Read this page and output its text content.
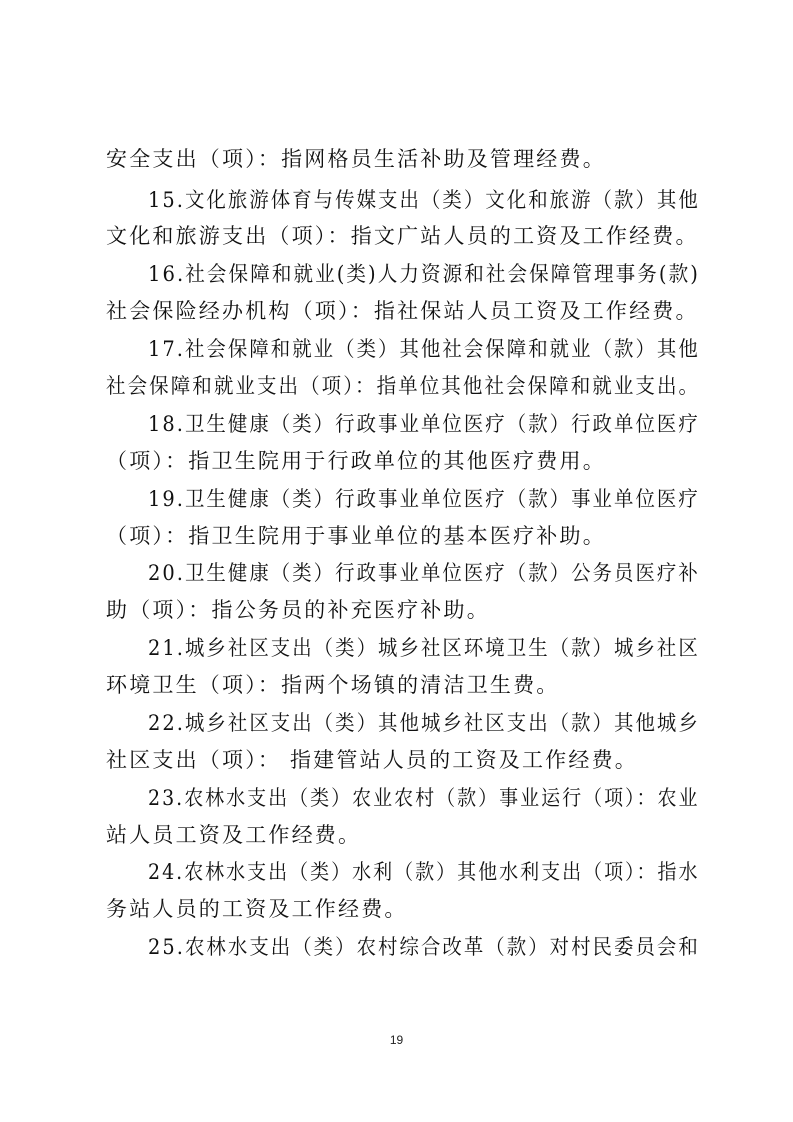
安全支出（项）：指网格员生活补助及管理经费。
15.文化旅游体育与传媒支出（类）文化和旅游（款）其他
文化和旅游支出（项）：指文广站人员的工资及工作经费。
16.社会保障和就业(类)人力资源和社会保障管理事务(款)
社会保险经办机构（项）：指社保站人员工资及工作经费。
17.社会保障和就业（类）其他社会保障和就业（款）其他
社会保障和就业支出（项）：指单位其他社会保障和就业支出。
18.卫生健康（类）行政事业单位医疗（款）行政单位医疗
（项）：指卫生院用于行政单位的其他医疗费用。
19.卫生健康（类）行政事业单位医疗（款）事业单位医疗
（项）：指卫生院用于事业单位的基本医疗补助。
20.卫生健康（类）行政事业单位医疗（款）公务员医疗补
助（项）：指公务员的补充医疗补助。
21.城乡社区支出（类）城乡社区环境卫生（款）城乡社区
环境卫生（项）：指两个场镇的清洁卫生费。
22.城乡社区支出（类）其他城乡社区支出（款）其他城乡
社区支出（项）： 指建管站人员的工资及工作经费。
23.农林水支出（类）农业农村（款）事业运行（项）：农业
站人员工资及工作经费。
24.农林水支出（类）水利（款）其他水利支出（项）：指水
务站人员的工资及工作经费。
25.农林水支出（类）农村综合改革（款）对村民委员会和
19
